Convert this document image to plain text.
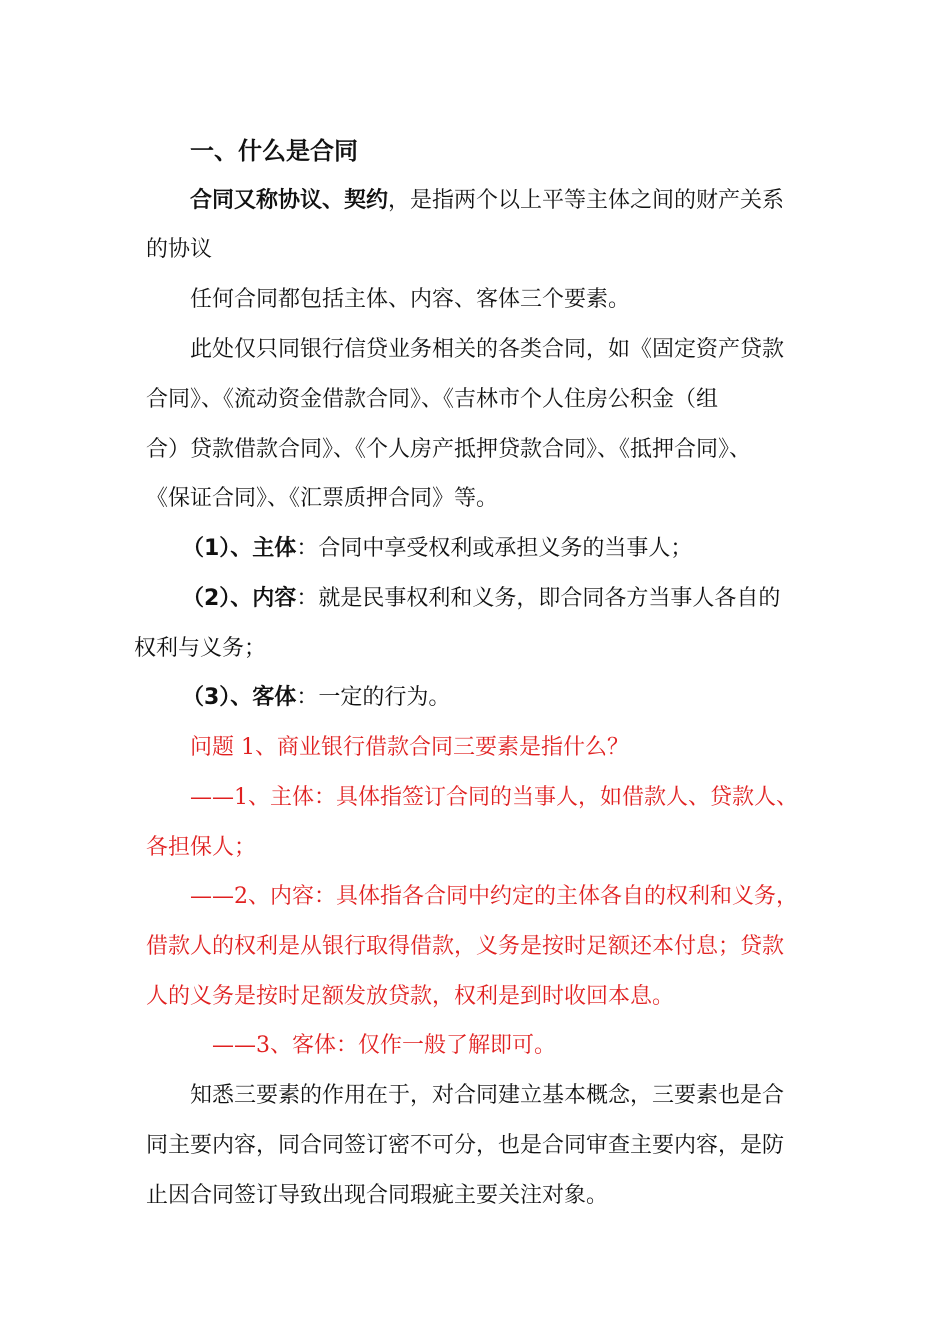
一、什么是合同
合同又称协议、契约，是指两个以上平等主体之间的财产关系
的协议
任何合同都包括主体、内容、客体三个要素。
此处仅只同银行信贷业务相关的各类合同，如《固定资产贷款
合同》、《流动资金借款合同》、《吉林市个人住房公积金（组
合）贷款借款合同》、《个人房产抵押贷款合同》、《抵押合同》、
《保证合同》、《汇票质押合同》等。
（1）、主体：合同中享受权利或承担义务的当事人；
（2）、内容：就是民事权利和义务，即合同各方当事人各自的
权利与义务；
（3）、客体：一定的行为。
问题 1、商业银行借款合同三要素是指什么？
——1、主体：具体指签订合同的当事人，如借款人、贷款人、
各担保人；
——2、内容：具体指各合同中约定的主体各自的权利和义务，
借款人的权利是从银行取得借款，义务是按时足额还本付息；贷款
人的义务是按时足额发放贷款，权利是到时收回本息。
——3、客体：仅作一般了解即可。
知悉三要素的作用在于，对合同建立基本概念，三要素也是合
同主要内容，同合同签订密不可分，也是合同审查主要内容，是防
止因合同签订导致出现合同瑕疵主要关注对象。
